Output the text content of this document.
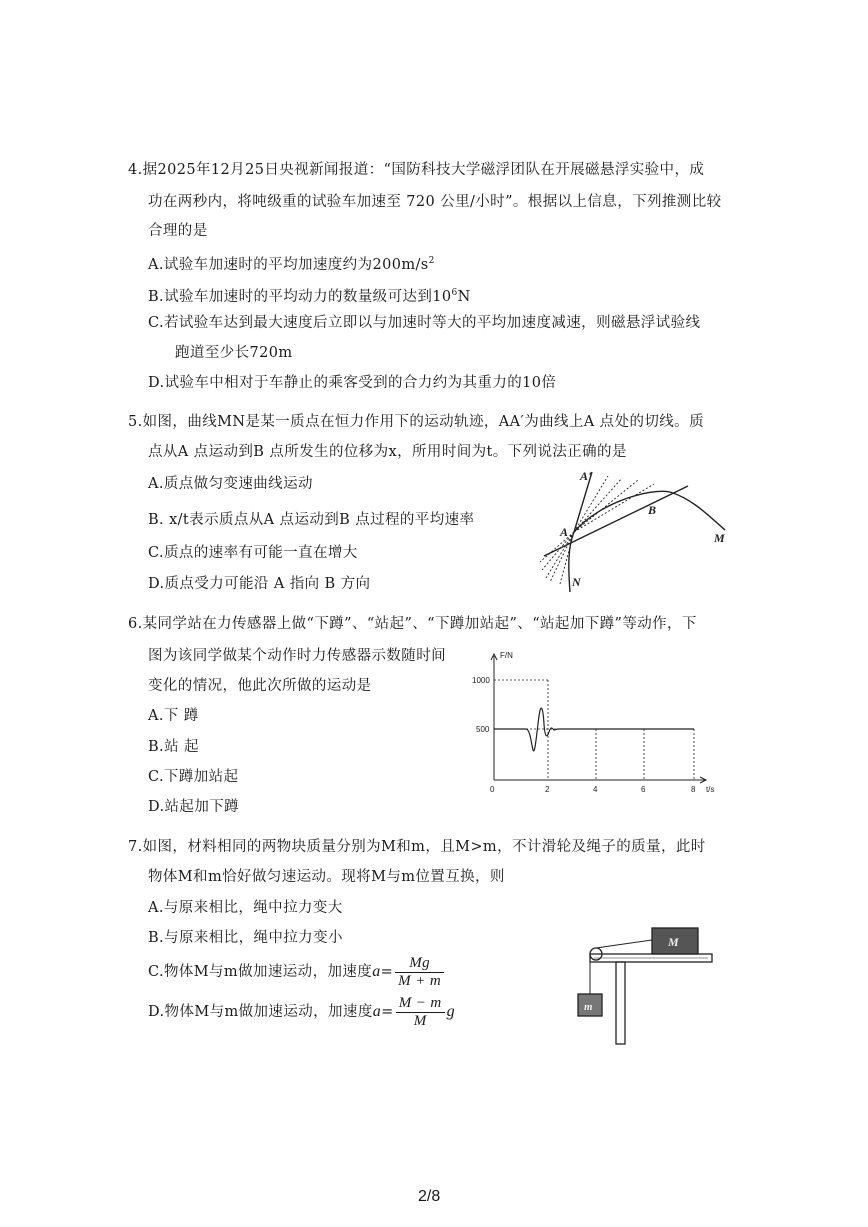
4.据2025年12月25日央视新闻报道：“国防科技大学磁浮团队在开展磁悬浮实验中，成
功在两秒内，将吨级重的试验车加速至 720 公里/小时”。根据以上信息，下列推测比较
合理的是
A.试验车加速时的平均加速度约为$200m/s^2$
B.试验车加速时的平均动力的数量级可达到$10^6N$
C.若试验车达到最大速度后立即以与加速时等大的平均加速度减速，则磁悬浮试验线
跑道至少长720m
D.试验车中相对于车静止的乘客受到的合力约为其重力的10倍
5.如图，曲线MN是某一质点在恒力作用下的运动轨迹，AA′为曲线上A 点处的切线。质
点从A 点运动到B 点所发生的位移为x，所用时间为t。下列说法正确的是
A.质点做匀变速曲线运动
B. x/t表示质点从A 点运动到B 点过程的平均速率
C.质点的速率有可能一直在增大
D.质点受力可能沿 A 指向 B 方向
A'
A
B
M
N
6.某同学站在力传感器上做“下蹲”、“站起”、“下蹲加站起”、“站起加下蹲”等动作，下
图为该同学做某个动作时力传感器示数随时间
变化的情况，他此次所做的运动是
A.下 蹲
B.站 起
C.下蹲加站起
D.站起加下蹲
F/N
t/s
1000
500
0	2	4	6	8
7.如图，材料相同的两物块质量分别为M和m，且M>m，不计滑轮及绳子的质量，此时
物体M和m恰好做匀速运动。现将M与m位置互换，则
A.与原来相比，绳中拉力变大
B.与原来相比，绳中拉力变小
C.物体M与m做加速运动，加速度$a= \frac{Mg}{M + m}$
D.物体M与m做加速运动，加速度$a= \frac{M - m}{M}$ g
M
m
2/8
